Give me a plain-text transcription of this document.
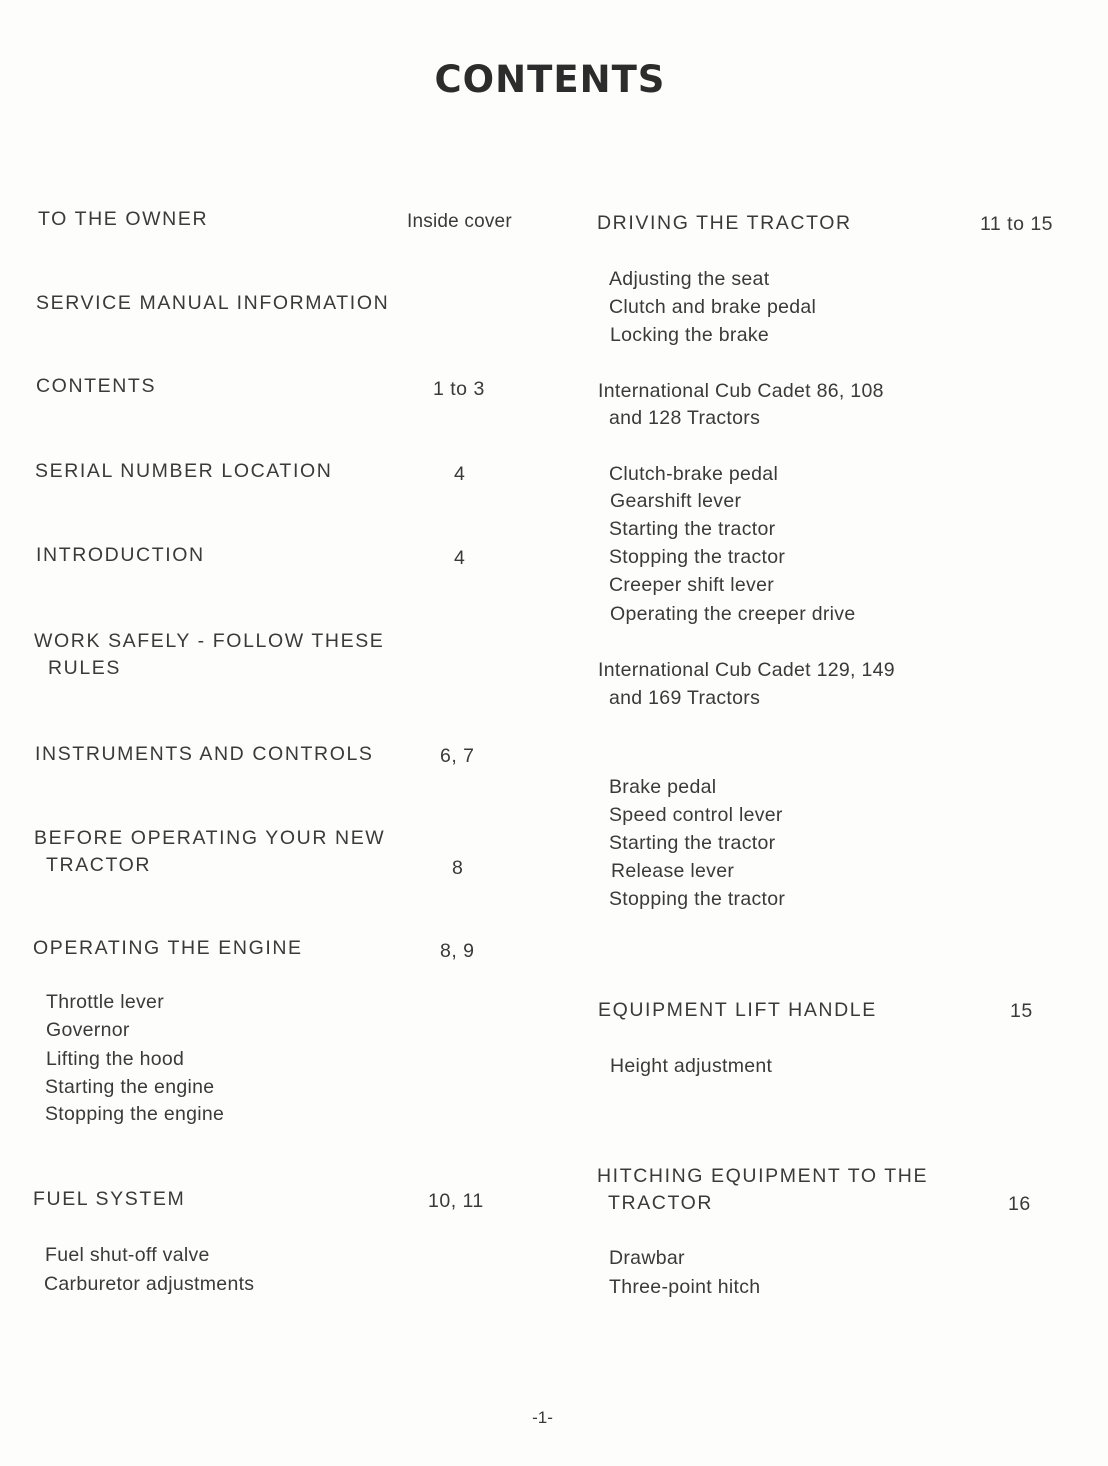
CONTENTS
TO THE OWNER	Inside cover
SERVICE MANUAL INFORMATION
CONTENTS	1 to 3
SERIAL NUMBER LOCATION	4
INTRODUCTION	4
WORK SAFELY - FOLLOW THESE
RULES
INSTRUMENTS AND CONTROLS	6, 7
BEFORE OPERATING YOUR NEW
TRACTOR	8
OPERATING THE ENGINE	8, 9
Throttle lever
Governor
Lifting the hood
Starting the engine
Stopping the engine
FUEL SYSTEM	10, 11
Fuel shut-off valve
Carburetor adjustments
DRIVING THE TRACTOR	11 to 15
Adjusting the seat
Clutch and brake pedal
Locking the brake
International Cub Cadet 86, 108
and 128 Tractors
Clutch-brake pedal
Gearshift lever
Starting the tractor
Stopping the tractor
Creeper shift lever
Operating the creeper drive
International Cub Cadet 129, 149
and 169 Tractors
Brake pedal
Speed control lever
Starting the tractor
Release lever
Stopping the tractor
EQUIPMENT LIFT HANDLE	15
Height adjustment
HITCHING EQUIPMENT TO THE
TRACTOR	16
Drawbar
Three-point hitch
-1-
